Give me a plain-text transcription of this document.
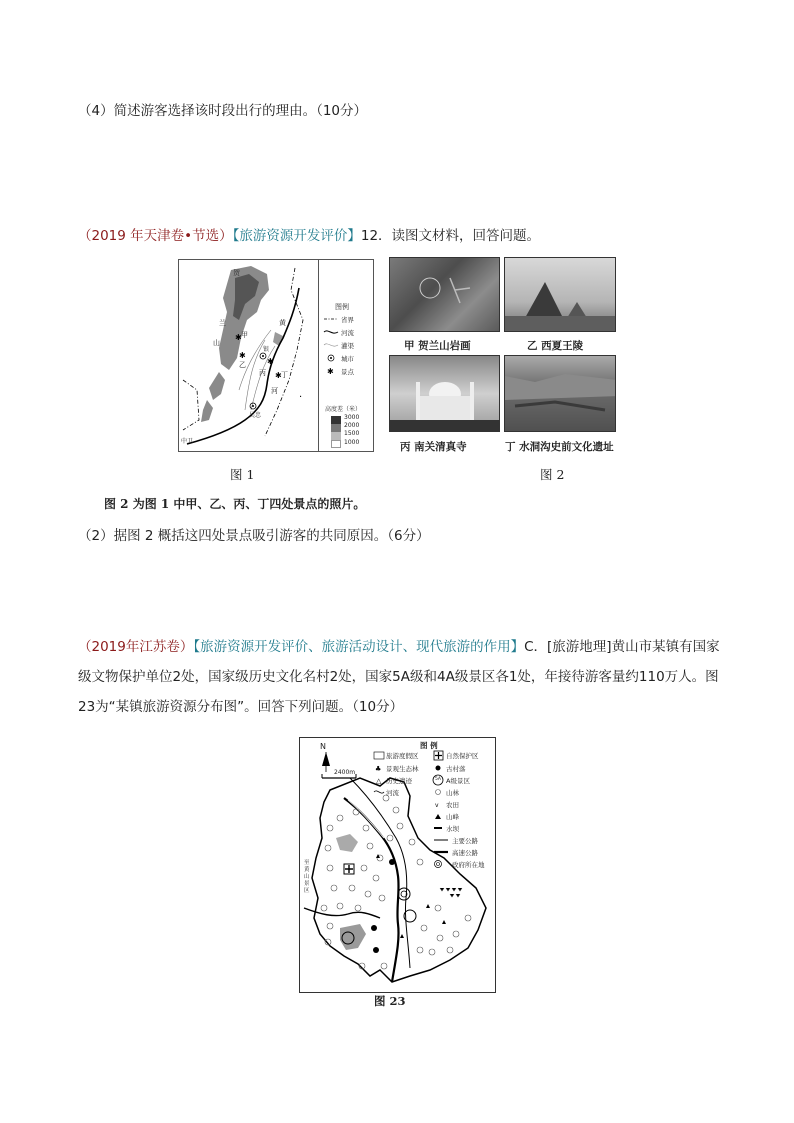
（4）简述游客选择该时段出行的理由。（10分）
（2019 年天津卷•节选）【旅游资源开发评价】12．读图文材料，回答问题。
·
✱
✱
✱
✱
贺
兰
山
甲
乙
银
丙
黄
河
丁
吴忠
中卫
图例
✱
省界
河流
灌渠
城市
景点
高度差（米）
3000
2000
1500
1000
图 1
甲 贺兰山岩画	乙 西夏王陵
丙 南关清真寺	丁 水洞沟史前文化遗址
图 2
图 2 为图 1 中甲、乙、丙、丁四处景点的照片。
（2）据图 2 概括这四处景点吸引游客的共同原因。（6分）
（2019年江苏卷）【旅游资源开发评价、旅游活动设计、现代旅游的作用】C．[旅游地理]黄山市某镇有国家
级文物保护单位2处，国家级历史文化名村2处，国家5A级和4A级景区各1处，年接待游客量约110万人。图
23为“某镇旅游资源分布图”。回答下列问题。（10分）
N
2400m
至黄山景区
图 例
旅游度假区	自然保护区
景观生态林	古村落
历史遗迹	A级景区
河流	山林
农田
山峰
水坝
主要公路
高速公路
政府所在地
♣
△
v
5A
图 23
